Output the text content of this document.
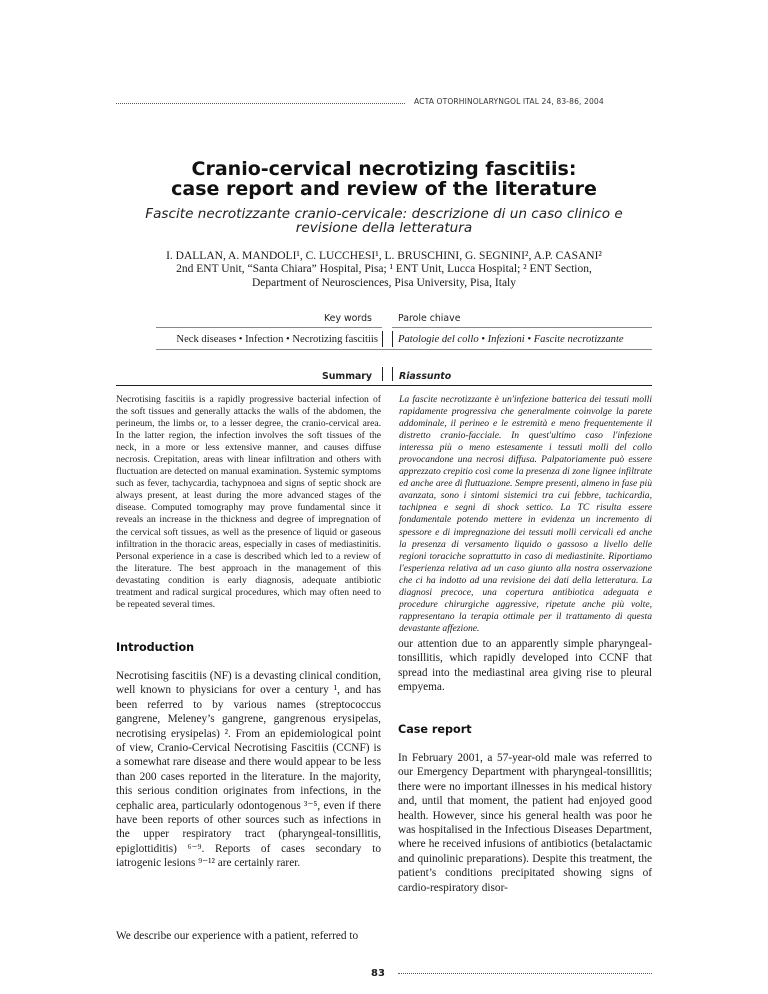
ACTA OTORHINOLARYNGOL ITAL 24, 83-86, 2004
Cranio-cervical necrotizing fascitiis:
case report and review of the literature
Fascite necrotizzante cranio-cervicale: descrizione di un caso clinico e
revisione della letteratura
I. DALLAN, A. MANDOLI¹, C. LUCCHESI¹, L. BRUSCHINI, G. SEGNINI², A.P. CASANI²
2nd ENT Unit, “Santa Chiara” Hospital, Pisa; ¹ ENT Unit, Lucca Hospital; ² ENT Section,
Department of Neurosciences, Pisa University, Pisa, Italy
Key words	Parole chiave
Neck diseases • Infection • Necrotizing fascitiis Patologie del collo • Infezioni • Fascite necrotizzante
Summary	Riassunto

Necrotising fascitiis is a rapidly progressive bacterial infection of the soft tissues and generally attacks the walls of the abdomen, the perineum, the limbs or, to a lesser degree, the cranio-cervical area. In the latter region, the infection involves the soft tissues of the neck, in a more or less extensive manner, and causes diffuse necrosis. Crepitation, areas with linear infiltration and others with fluctuation are detected on manual examination. Systemic symptoms such as fever, tachycardia, tachypnoea and signs of septic shock are always present, at least during the more advanced stages of the disease. Computed tomography may prove fundamental since it reveals an increase in the thickness and degree of impregnation of the cervical soft tissues, as well as the presence of liquid or gaseous infiltration in the thoracic areas, especially in cases of mediastinitis. Personal experience in a case is described which led to a review of the literature. The best approach in the management of this devastating condition is early diagnosis, adequate antibiotic treatment and radical surgical procedures, which may often need to be repeated several times.

La fascite necrotizzante è un'infezione batterica dei tessuti molli rapidamente progressiva che generalmente coinvolge la parete addominale, il perineo e le estremità e meno frequentemente il distretto cranio-facciale. In quest'ultimo caso l'infezione interessa più o meno estesamente i tessuti molli del collo provocandone una necrosi diffusa. Palpatoriamente può essere apprezzato crepitio così come la presenza di zone lignee infiltrate ed anche aree di fluttuazione. Sempre presenti, almeno in fase più avanzata, sono i sintomi sistemici tra cui febbre, tachicardia, tachipnea e segni di shock settico. La TC risulta essere fondamentale potendo mettere in evidenza un incremento di spessore e di impregnazione dei tessuti molli cervicali ed anche la presenza di versamento liquido o gassoso a livello delle regioni toraciche soprattutto in caso di mediastinite. Riportiamo l'esperienza relativa ad un caso giunto alla nostra osservazione che ci ha indotto ad una revisione dei dati della letteratura. La diagnosi precoce, una copertura antibiotica adeguata e procedure chirurgiche aggressive, ripetute anche più volte, rappresentano la terapia ottimale per il trattamento di questa devastante affezione.

Introduction

Necrotising fascitiis (NF) is a devasting clinical condition, well known to physicians for over a century ¹, and has been referred to by various names (streptococcus gangrene, Meleney’s gangrene, gangrenous erysipelas, necrotising erysipelas) ². From an epidemiological point of view, Cranio-Cervical Necrotising Fascitiis (CCNF) is a somewhat rare disease and there would appear to be less than 200 cases reported in the literature. In the majority, this serious condition originates from infections, in the cephalic area, particularly odontogenous ³⁻⁵, even if there have been reports of other sources such as infections in the upper respiratory tract (pharyngeal-tonsillitis, epiglottiditis) ⁶⁻⁹. Reports of cases secondary to iatrogenic lesions ⁹⁻¹² are certainly rarer.

We describe our experience with a patient, referred to

our attention due to an apparently simple pharyngeal-tonsillitis, which rapidly developed into CCNF that spread into the mediastinal area giving rise to pleural empyema.

Case report

In February 2001, a 57-year-old male was referred to our Emergency Department with pharyngeal-tonsillitis; there were no important illnesses in his medical history and, until that moment, the patient had enjoyed good health. However, since his general health was poor he was hospitalised in the Infectious Diseases Department, where he received infusions of antibiotics (betalactamic and quinolinic preparations). Despite this treatment, the patient’s conditions precipitated showing signs of cardio-respiratory disor-

83
